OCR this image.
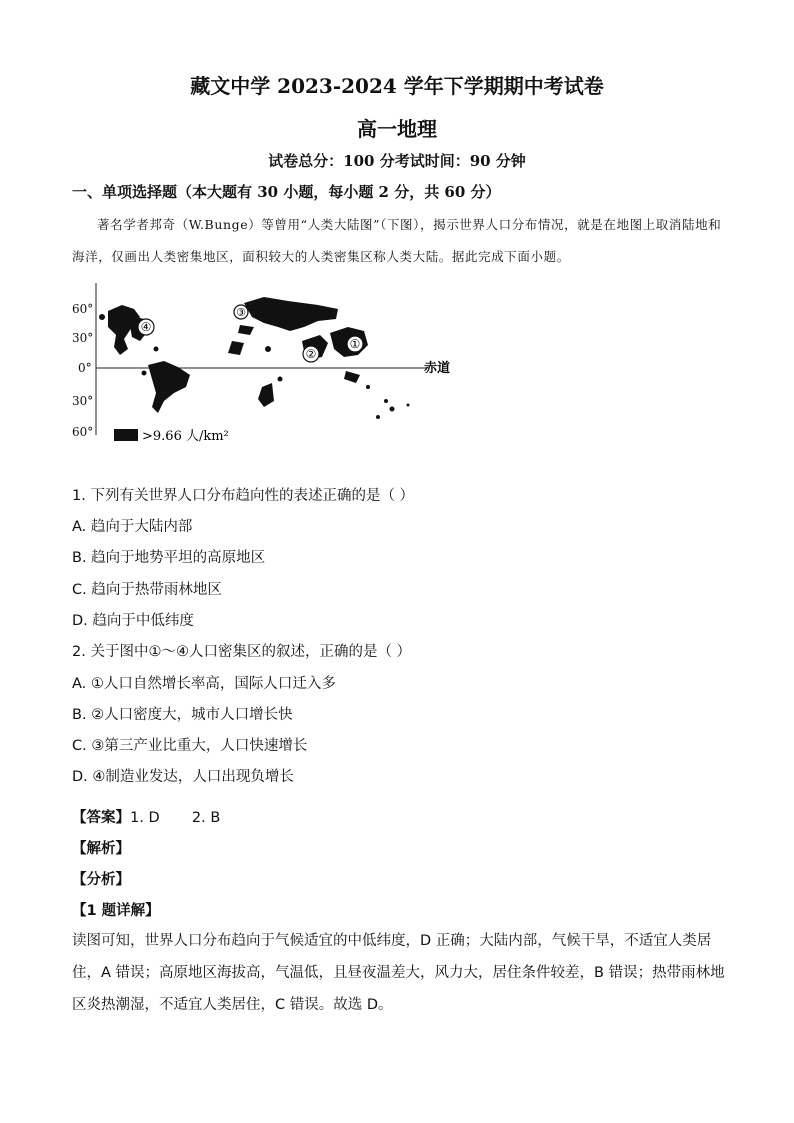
藏文中学 2023-2024 学年下学期期中考试卷
高一地理
试卷总分：100 分考试时间：90 分钟
一、单项选择题（本大题有 30 小题，每小题 2 分，共 60 分）
著名学者邦奇（W.Bunge）等曾用“人类大陆图”（下图），揭示世界人口分布情况，就是在地图上取消陆地和海洋，仅画出人类密集地区，面积较大的人类密集区称人类大陆。据此完成下面小题。
60°
30°
0°
30°
60°
赤道
①
②
③
④
>9.66 人/km²
1. 下列有关世界人口分布趋向性的表述正确的是（ ）
A. 趋向于大陆内部
B. 趋向于地势平坦的高原地区
C. 趋向于热带雨林地区
D. 趋向于中低纬度
2. 关于图中①～④人口密集区的叙述，正确的是（ ）
A. ①人口自然增长率高，国际人口迁入多
B. ②人口密度大，城市人口增长快
C. ③第三产业比重大，人口快速增长
D. ④制造业发达，人口出现负增长
【答案】1. D       2. B
【解析】
【分析】
【1 题详解】
读图可知，世界人口分布趋向于气候适宜的中低纬度，D 正确；大陆内部，气候干旱，不适宜人类居住，A 错误；高原地区海拔高，气温低，且昼夜温差大，风力大，居住条件较差，B 错误；热带雨林地区炎热潮湿，不适宜人类居住，C 错误。故选 D。
